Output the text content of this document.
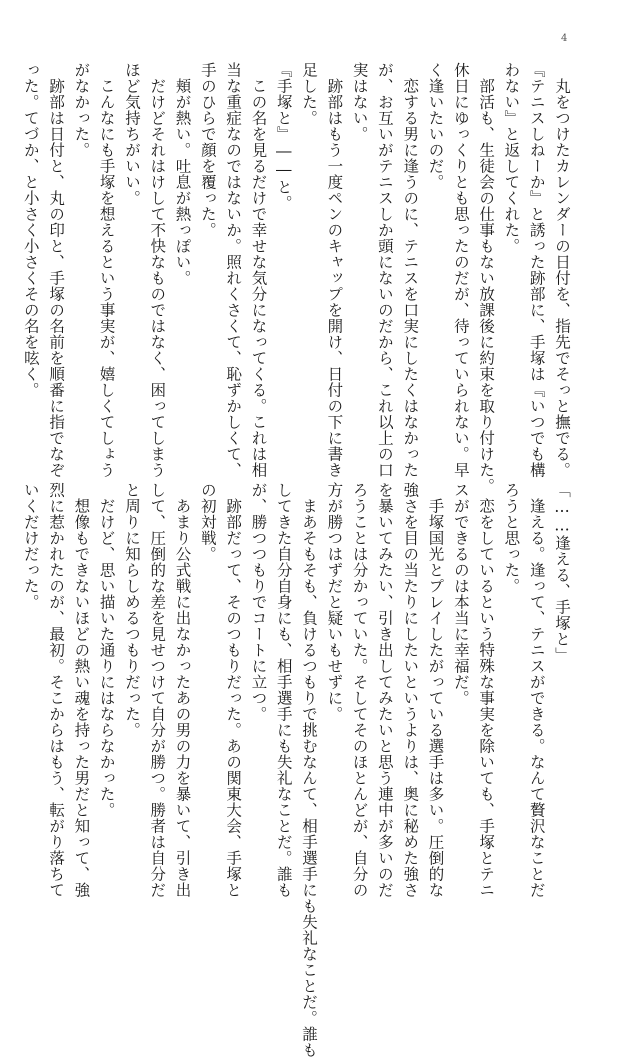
4
　丸をつけたカレンダーの日付を、指先でそっと撫でる。
『テニスしねーか』と誘った跡部に、手塚は『いつでも構
わない』と返してくれた。
　部活も、生徒会の仕事もない放課後に約束を取り付けた。
休日にゆっくりとも思ったのだが、待っていられない。早
く逢いたいのだ。
　恋する男に逢うのに、テニスを口実にしたくはなかった
が、お互いがテニスしか頭にないのだから、これ以上の口
実はない。
　跡部はもう一度ペンのキャップを開け、日付の下に書き
足した。
『手塚と』――と。
　この名を見るだけで幸せな気分になってくる。これは相
当な重症なのではないか。照れくさくて、恥ずかしくて、
手のひらで顔を覆った。
　頬が熱い。吐息が熱っぽい。
　だけどそれはけして不快なものではなく、困ってしまう
ほど気持ちがいい。
　こんなにも手塚を想えるという事実が、嬉しくてしょう
がなかった。
　跡部は日付と、丸の印と、手塚の名前を順番に指でなぞ
った。てづか、と小さく小さくその名を呟く。
「……逢える、手塚と」
　逢える。逢って、テニスができる。なんて贅沢なことだ
ろうと思った。
　恋をしているという特殊な事実を除いても、手塚とテニ
スができるのは本当に幸福だ。
　手塚国光とプレイしたがっている選手は多い。圧倒的な
強さを目の当たりにしたいというよりは、奥に秘めた強さ
を暴いてみたい、引き出してみたいと思う連中が多いのだ
ろうことは分かっていた。そしてそのほとんどが、自分の
方が勝つはずだと疑いもせずに。
　まあそもそも、負けるつもりで挑むなんて、相手選手にも失礼なことだ。誰も
してきた自分自身にも、相手選手にも失礼なことだ。誰も
が、勝つつもりでコートに立つ。
　跡部だって、そのつもりだった。あの関東大会、手塚と
の初対戦。
　あまり公式戦に出なかったあの男の力を暴いて、引き出
して、圧倒的な差を見せつけて自分が勝つ。勝者は自分だ
と周りに知らしめるつもりだった。
　だけど、思い描いた通りにはならなかった。
　想像もできないほどの熱い魂を持った男だと知って、強
烈に惹かれたのが、最初。そこからはもう、転がり落ちて
いくだけだった。
